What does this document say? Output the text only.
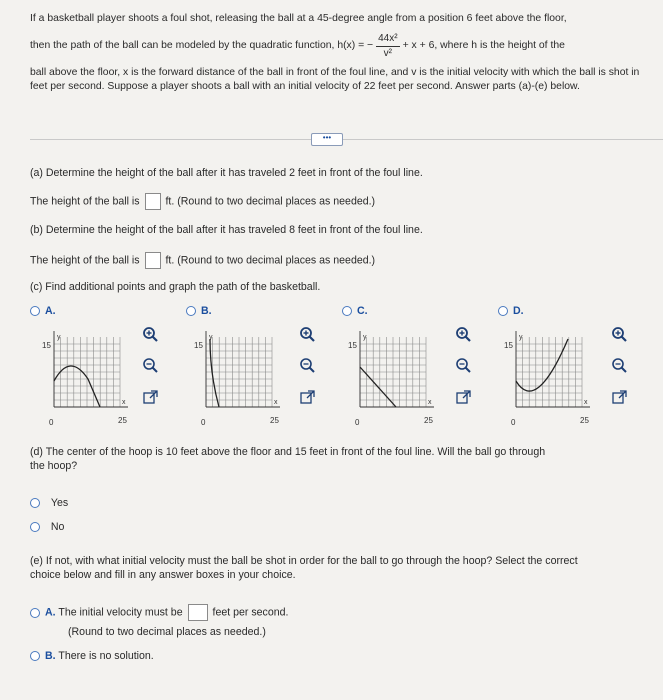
If a basketball player shoots a foul shot, releasing the ball at a 45-degree angle from a position 6 feet above the floor,

then the path of the ball can be modeled by the quadratic function, h(x) = − $\frac{\text{44x²}}{\text{v²}} + x + 6$, where h is the height of the

ball above the floor, x is the forward distance of the ball in front of the foul line, and v is the initial velocity with which the ball is shot in feet per second. Suppose a player shoots a ball with an initial velocity of 22 feet per second. Answer parts (a)-(e) below.

•••
(a) Determine the height of the ball after it has traveled 2 feet in front of the foul line.
The height of the ball is ft. (Round to two decimal places as needed.)
(b) Determine the height of the ball after it has traveled 8 feet in front of the foul line.
The height of the ball is ft. (Round to two decimal places as needed.)
(c) Find additional points and graph the path of the basketball.
A.
15
25
0
x
y
B.
15
25
0
x
y
C.
15
25
0
x
y
D.
15
25
0
x
y
(d) The center of the hoop is 10 feet above the floor and 15 feet in front of the foul line. Will the ball go through
the hoop?
Yes
No
(e) If not, with what initial velocity must the ball be shot in order for the ball to go through the hoop? Select the correct
choice below and fill in any answer boxes in your choice.
A. The initial velocity must be	feet per second.
(Round to two decimal places as needed.)
B. There is no solution.
